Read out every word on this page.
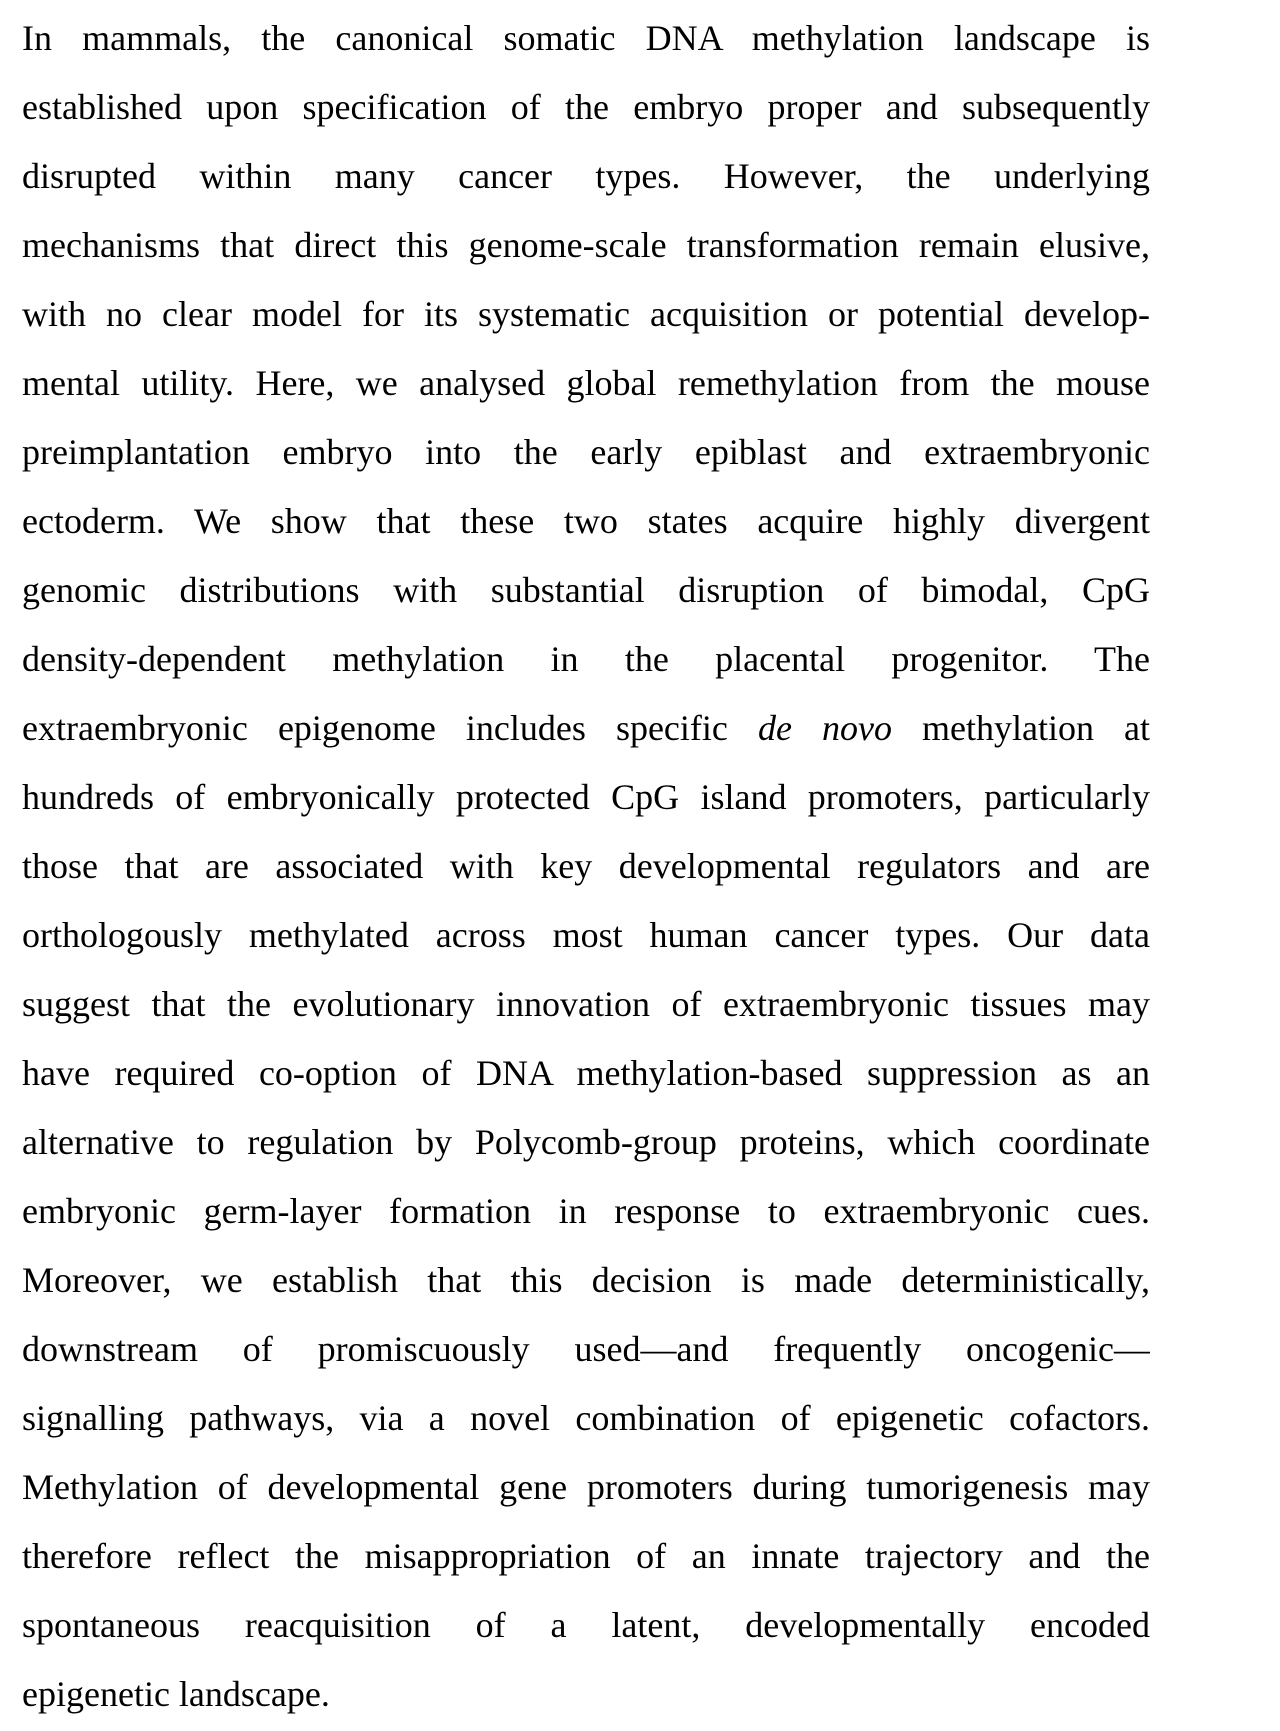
In mammals, the canonical somatic DNA methylation landscape is
established upon specification of the embryo proper and subsequently
disrupted within many cancer types. However, the underlying
mechanisms that direct this genome-scale transformation remain elusive,
with no clear model for its systematic acquisition or potential develop-
mental utility. Here, we analysed global remethylation from the mouse
preimplantation embryo into the early epiblast and extraembryonic
ectoderm. We show that these two states acquire highly divergent
genomic distributions with substantial disruption of bimodal, CpG
density-dependent methylation in the placental progenitor. The
extraembryonic epigenome includes specific de novo methylation at
hundreds of embryonically protected CpG island promoters, particularly
those that are associated with key developmental regulators and are
orthologously methylated across most human cancer types. Our data
suggest that the evolutionary innovation of extraembryonic tissues may
have required co-option of DNA methylation-based suppression as an
alternative to regulation by Polycomb-group proteins, which coordinate
embryonic germ-layer formation in response to extraembryonic cues.
Moreover, we establish that this decision is made deterministically,
downstream of promiscuously used—and frequently oncogenic—
signalling pathways, via a novel combination of epigenetic cofactors.
Methylation of developmental gene promoters during tumorigenesis may
therefore reflect the misappropriation of an innate trajectory and the
spontaneous reacquisition of a latent, developmentally encoded
epigenetic landscape.
